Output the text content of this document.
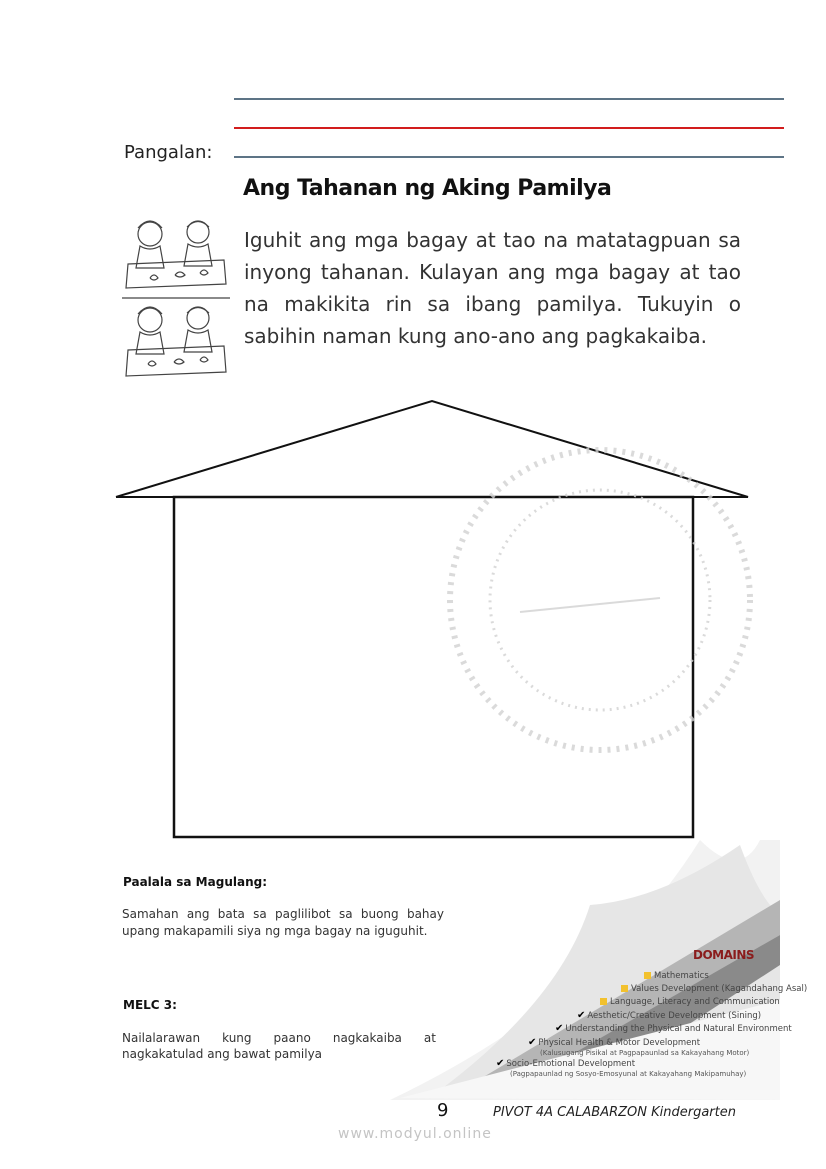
Pangalan:
Ang Tahanan ng Aking Pamilya
Iguhit ang mga bagay at tao na matatagpuan sa inyong tahanan. Kulayan ang mga bagay at tao na makikita rin sa ibang pamilya. Tukuyin o sabihin naman kung ano-ano ang pagkakaiba.
Paalala sa Magulang:
Samahan ang bata sa paglilibot sa buong bahay upang makapamili siya ng mga bagay na iguguhit.
MELC 3:
Nailalarawan kung paano nagkakaiba at nagkakatulad ang bawat pamilya
DOMAINS
Mathematics
Values Development (Kagandahang Asal)
Language, Literacy and Communication
✔ Aesthetic/Creative Development (Sining)
✔ Understanding the Physical and Natural Environment
✔ Physical Health & Motor Development
(Kalusugang Pisikal at Pagpapaunlad sa Kakayahang Motor)
✔ Socio-Emotional Development
(Pagpapaunlad ng Sosyo-Emosyunal at Kakayahang Makipamuhay)
9	PIVOT 4A CALABARZON Kindergarten
www.modyul.online
